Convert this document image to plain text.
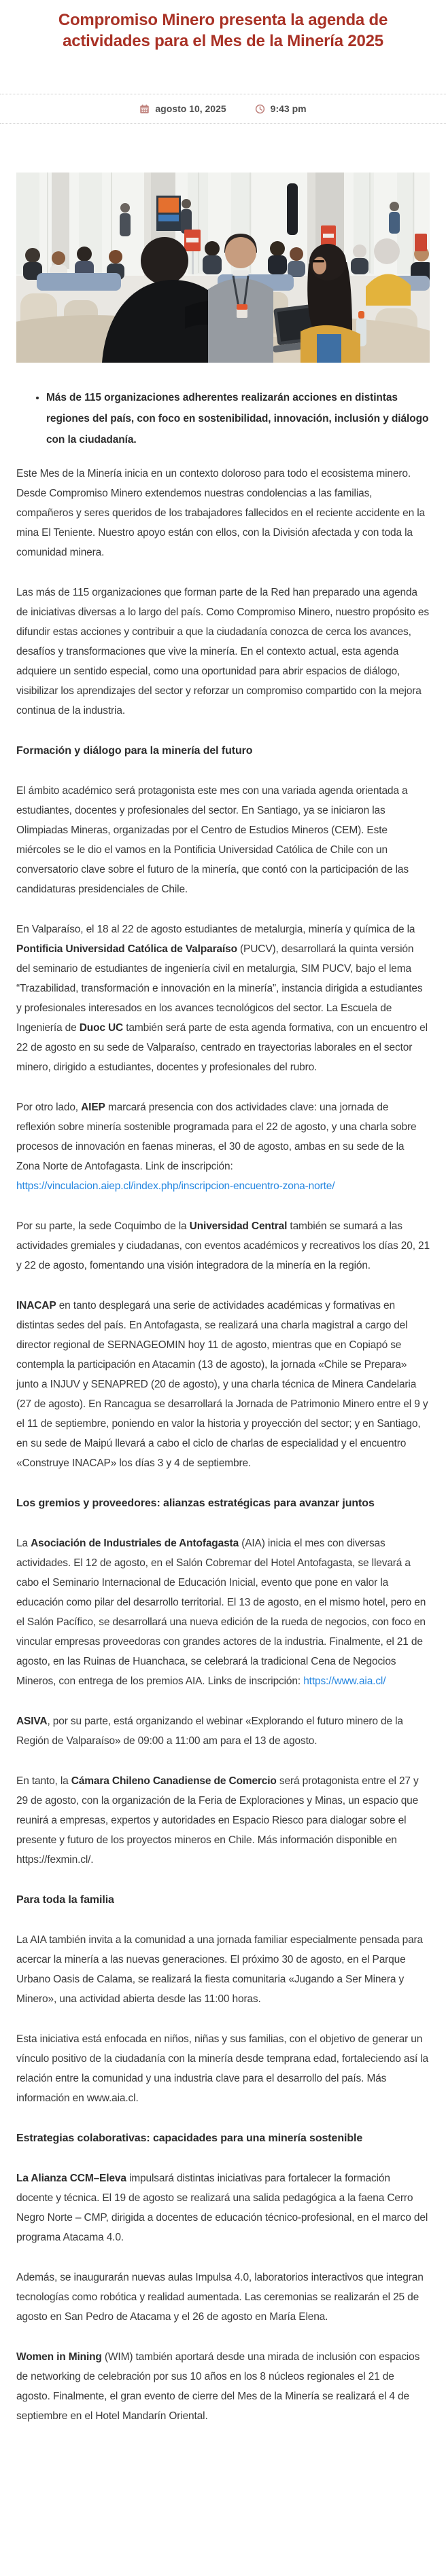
Compromiso Minero presenta la agenda de actividades para el Mes de la Minería 2025
agosto 10, 2025	9:43 pm
• Más de 115 organizaciones adherentes realizarán acciones en distintas regiones del país, con foco en sostenibilidad, innovación, inclusión y diálogo con la ciudadanía.

Este Mes de la Minería inicia en un contexto doloroso para todo el ecosistema minero. Desde Compromiso Minero extendemos nuestras condolencias a las familias, compañeros y seres queridos de los trabajadores fallecidos en el reciente accidente en la mina El Teniente. Nuestro apoyo están con ellos, con la División afectada y con toda la comunidad minera.

Las más de 115 organizaciones que forman parte de la Red han preparado una agenda de iniciativas diversas a lo largo del país. Como Compromiso Minero, nuestro propósito es difundir estas acciones y contribuir a que la ciudadanía conozca de cerca los avances, desafíos y transformaciones que vive la minería. En el contexto actual, esta agenda adquiere un sentido especial, como una oportunidad para abrir espacios de diálogo, visibilizar los aprendizajes del sector y reforzar un compromiso compartido con la mejora continua de la industria.

Formación y diálogo para la minería del futuro

El ámbito académico será protagonista este mes con una variada agenda orientada a estudiantes, docentes y profesionales del sector. En Santiago, ya se iniciaron las Olimpiadas Mineras, organizadas por el Centro de Estudios Mineros (CEM). Este miércoles se le dio el vamos en la Pontificia Universidad Católica de Chile con un conversatorio clave sobre el futuro de la minería, que contó con la participación de las candidaturas presidenciales de Chile.

En Valparaíso, el 18 al 22 de agosto estudiantes de metalurgia, minería y química de la Pontificia Universidad Católica de Valparaíso (PUCV), desarrollará la quinta versión del seminario de estudiantes de ingeniería civil en metalurgia, SIM PUCV, bajo el lema “Trazabilidad, transformación e innovación en la minería”, instancia dirigida a estudiantes y profesionales interesados en los avances tecnológicos del sector. La Escuela de Ingeniería de Duoc UC también será parte de esta agenda formativa, con un encuentro el 22 de agosto en su sede de Valparaíso, centrado en trayectorias laborales en el sector minero, dirigido a estudiantes, docentes y profesionales del rubro.

Por otro lado, AIEP marcará presencia con dos actividades clave: una jornada de reflexión sobre minería sostenible programada para el 22 de agosto, y una charla sobre procesos de innovación en faenas mineras, el 30 de agosto, ambas en su sede de la Zona Norte de Antofagasta. Link de inscripción: https://vinculacion.aiep.cl/index.php/inscripcion-encuentro-zona-norte/

Por su parte, la sede Coquimbo de la Universidad Central también se sumará a las actividades gremiales y ciudadanas, con eventos académicos y recreativos los días 20, 21 y 22 de agosto, fomentando una visión integradora de la minería en la región.

INACAP en tanto desplegará una serie de actividades académicas y formativas en distintas sedes del país. En Antofagasta, se realizará una charla magistral a cargo del director regional de SERNAGEOMIN hoy 11 de agosto, mientras que en Copiapó se contempla la participación en Atacamin (13 de agosto), la jornada «Chile se Prepara» junto a INJUV y SENAPRED (20 de agosto), y una charla técnica de Minera Candelaria (27 de agosto). En Rancagua se desarrollará la Jornada de Patrimonio Minero entre el 9 y el 11 de septiembre, poniendo en valor la historia y proyección del sector; y en Santiago, en su sede de Maipú llevará a cabo el ciclo de charlas de especialidad y el encuentro «Construye INACAP» los días 3 y 4 de septiembre.

Los gremios y proveedores: alianzas estratégicas para avanzar juntos

La Asociación de Industriales de Antofagasta (AIA) inicia el mes con diversas actividades. El 12 de agosto, en el Salón Cobremar del Hotel Antofagasta, se llevará a cabo el Seminario Internacional de Educación Inicial, evento que pone en valor la educación como pilar del desarrollo territorial. El 13 de agosto, en el mismo hotel, pero en el Salón Pacífico, se desarrollará una nueva edición de la rueda de negocios, con foco en vincular empresas proveedoras con grandes actores de la industria. Finalmente, el 21 de agosto, en las Ruinas de Huanchaca, se celebrará la tradicional Cena de Negocios Mineros, con entrega de los premios AIA. Links de inscripción: https://www.aia.cl/

ASIVA, por su parte, está organizando el webinar «Explorando el futuro minero de la Región de Valparaíso» de 09:00 a 11:00 am para el 13 de agosto.

En tanto, la Cámara Chileno Canadiense de Comercio será protagonista entre el 27 y 29 de agosto, con la organización de la Feria de Exploraciones y Minas, un espacio que reunirá a empresas, expertos y autoridades en Espacio Riesco para dialogar sobre el presente y futuro de los proyectos mineros en Chile. Más información disponible en https://fexmin.cl/.

Para toda la familia

La AIA también invita a la comunidad a una jornada familiar especialmente pensada para acercar la minería a las nuevas generaciones. El próximo 30 de agosto, en el Parque Urbano Oasis de Calama, se realizará la fiesta comunitaria «Jugando a Ser Minera y Minero», una actividad abierta desde las 11:00 horas.

Esta iniciativa está enfocada en niños, niñas y sus familias, con el objetivo de generar un vínculo positivo de la ciudadanía con la minería desde temprana edad, fortaleciendo así la relación entre la comunidad y una industria clave para el desarrollo del país. Más información en www.aia.cl.

Estrategias colaborativas: capacidades para una minería sostenible

La Alianza CCM–Eleva impulsará distintas iniciativas para fortalecer la formación docente y técnica. El 19 de agosto se realizará una salida pedagógica a la faena Cerro Negro Norte – CMP, dirigida a docentes de educación técnico-profesional, en el marco del programa Atacama 4.0.

Además, se inaugurarán nuevas aulas Impulsa 4.0, laboratorios interactivos que integran tecnologías como robótica y realidad aumentada. Las ceremonias se realizarán el 25 de agosto en San Pedro de Atacama y el 26 de agosto en María Elena.

Women in Mining (WIM) también aportará desde una mirada de inclusión con espacios de networking de celebración por sus 10 años en los 8 núcleos regionales el 21 de agosto. Finalmente, el gran evento de cierre del Mes de la Minería se realizará el 4 de septiembre en el Hotel Mandarín Oriental.
